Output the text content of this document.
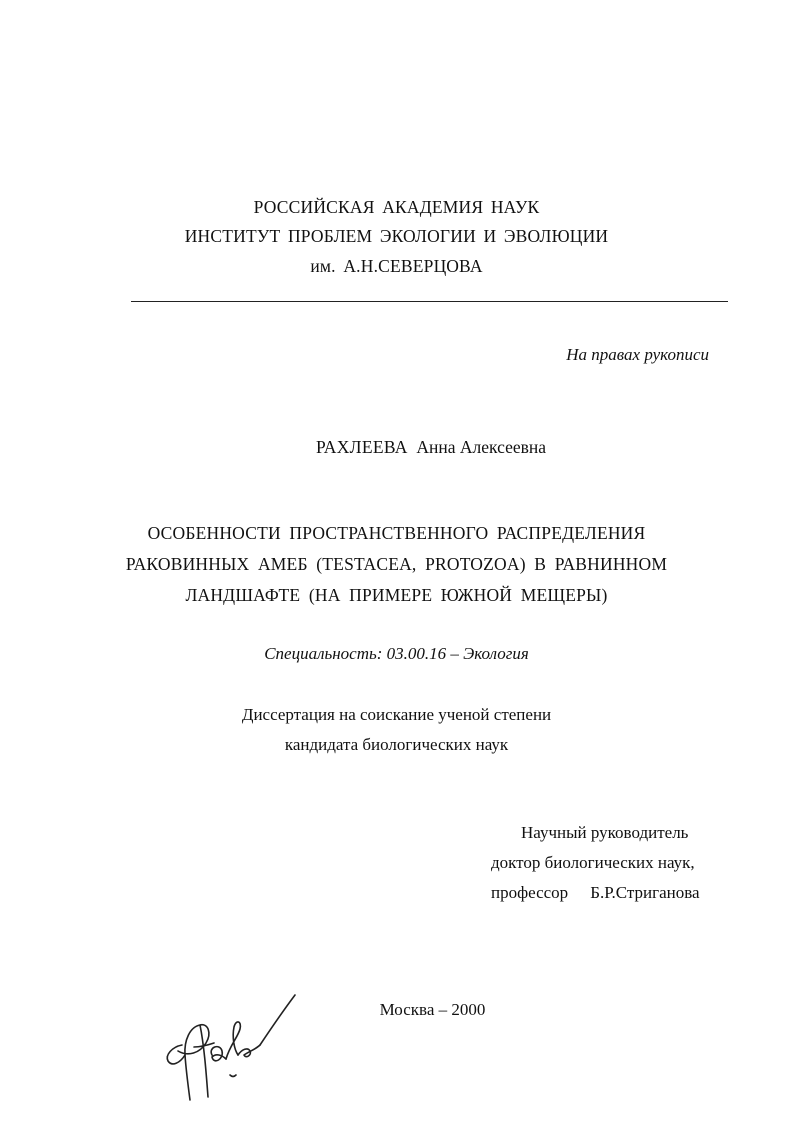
РОССИЙСКАЯ АКАДЕМИЯ НАУК
ИНСТИТУТ ПРОБЛЕМ ЭКОЛОГИИ И ЭВОЛЮЦИИ
им. А.Н.СЕВЕРЦОВА
На правах рукописи
РАХЛЕЕВА Анна Алексеевна
ОСОБЕННОСТИ ПРОСТРАНСТВЕННОГО РАСПРЕДЕЛЕНИЯ
РАКОВИННЫХ АМЕБ (TESTACEA, PROTOZOA) В РАВНИННОМ
ЛАНДШАФТЕ (НА ПРИМЕРЕ ЮЖНОЙ МЕЩЕРЫ)
Специальность: 03.00.16 – Экология
Диссертация на соискание ученой степени
кандидата биологических наук
Научный руководитель
доктор биологических наук,
профессор Б.Р.Стриганова
Москва – 2000
